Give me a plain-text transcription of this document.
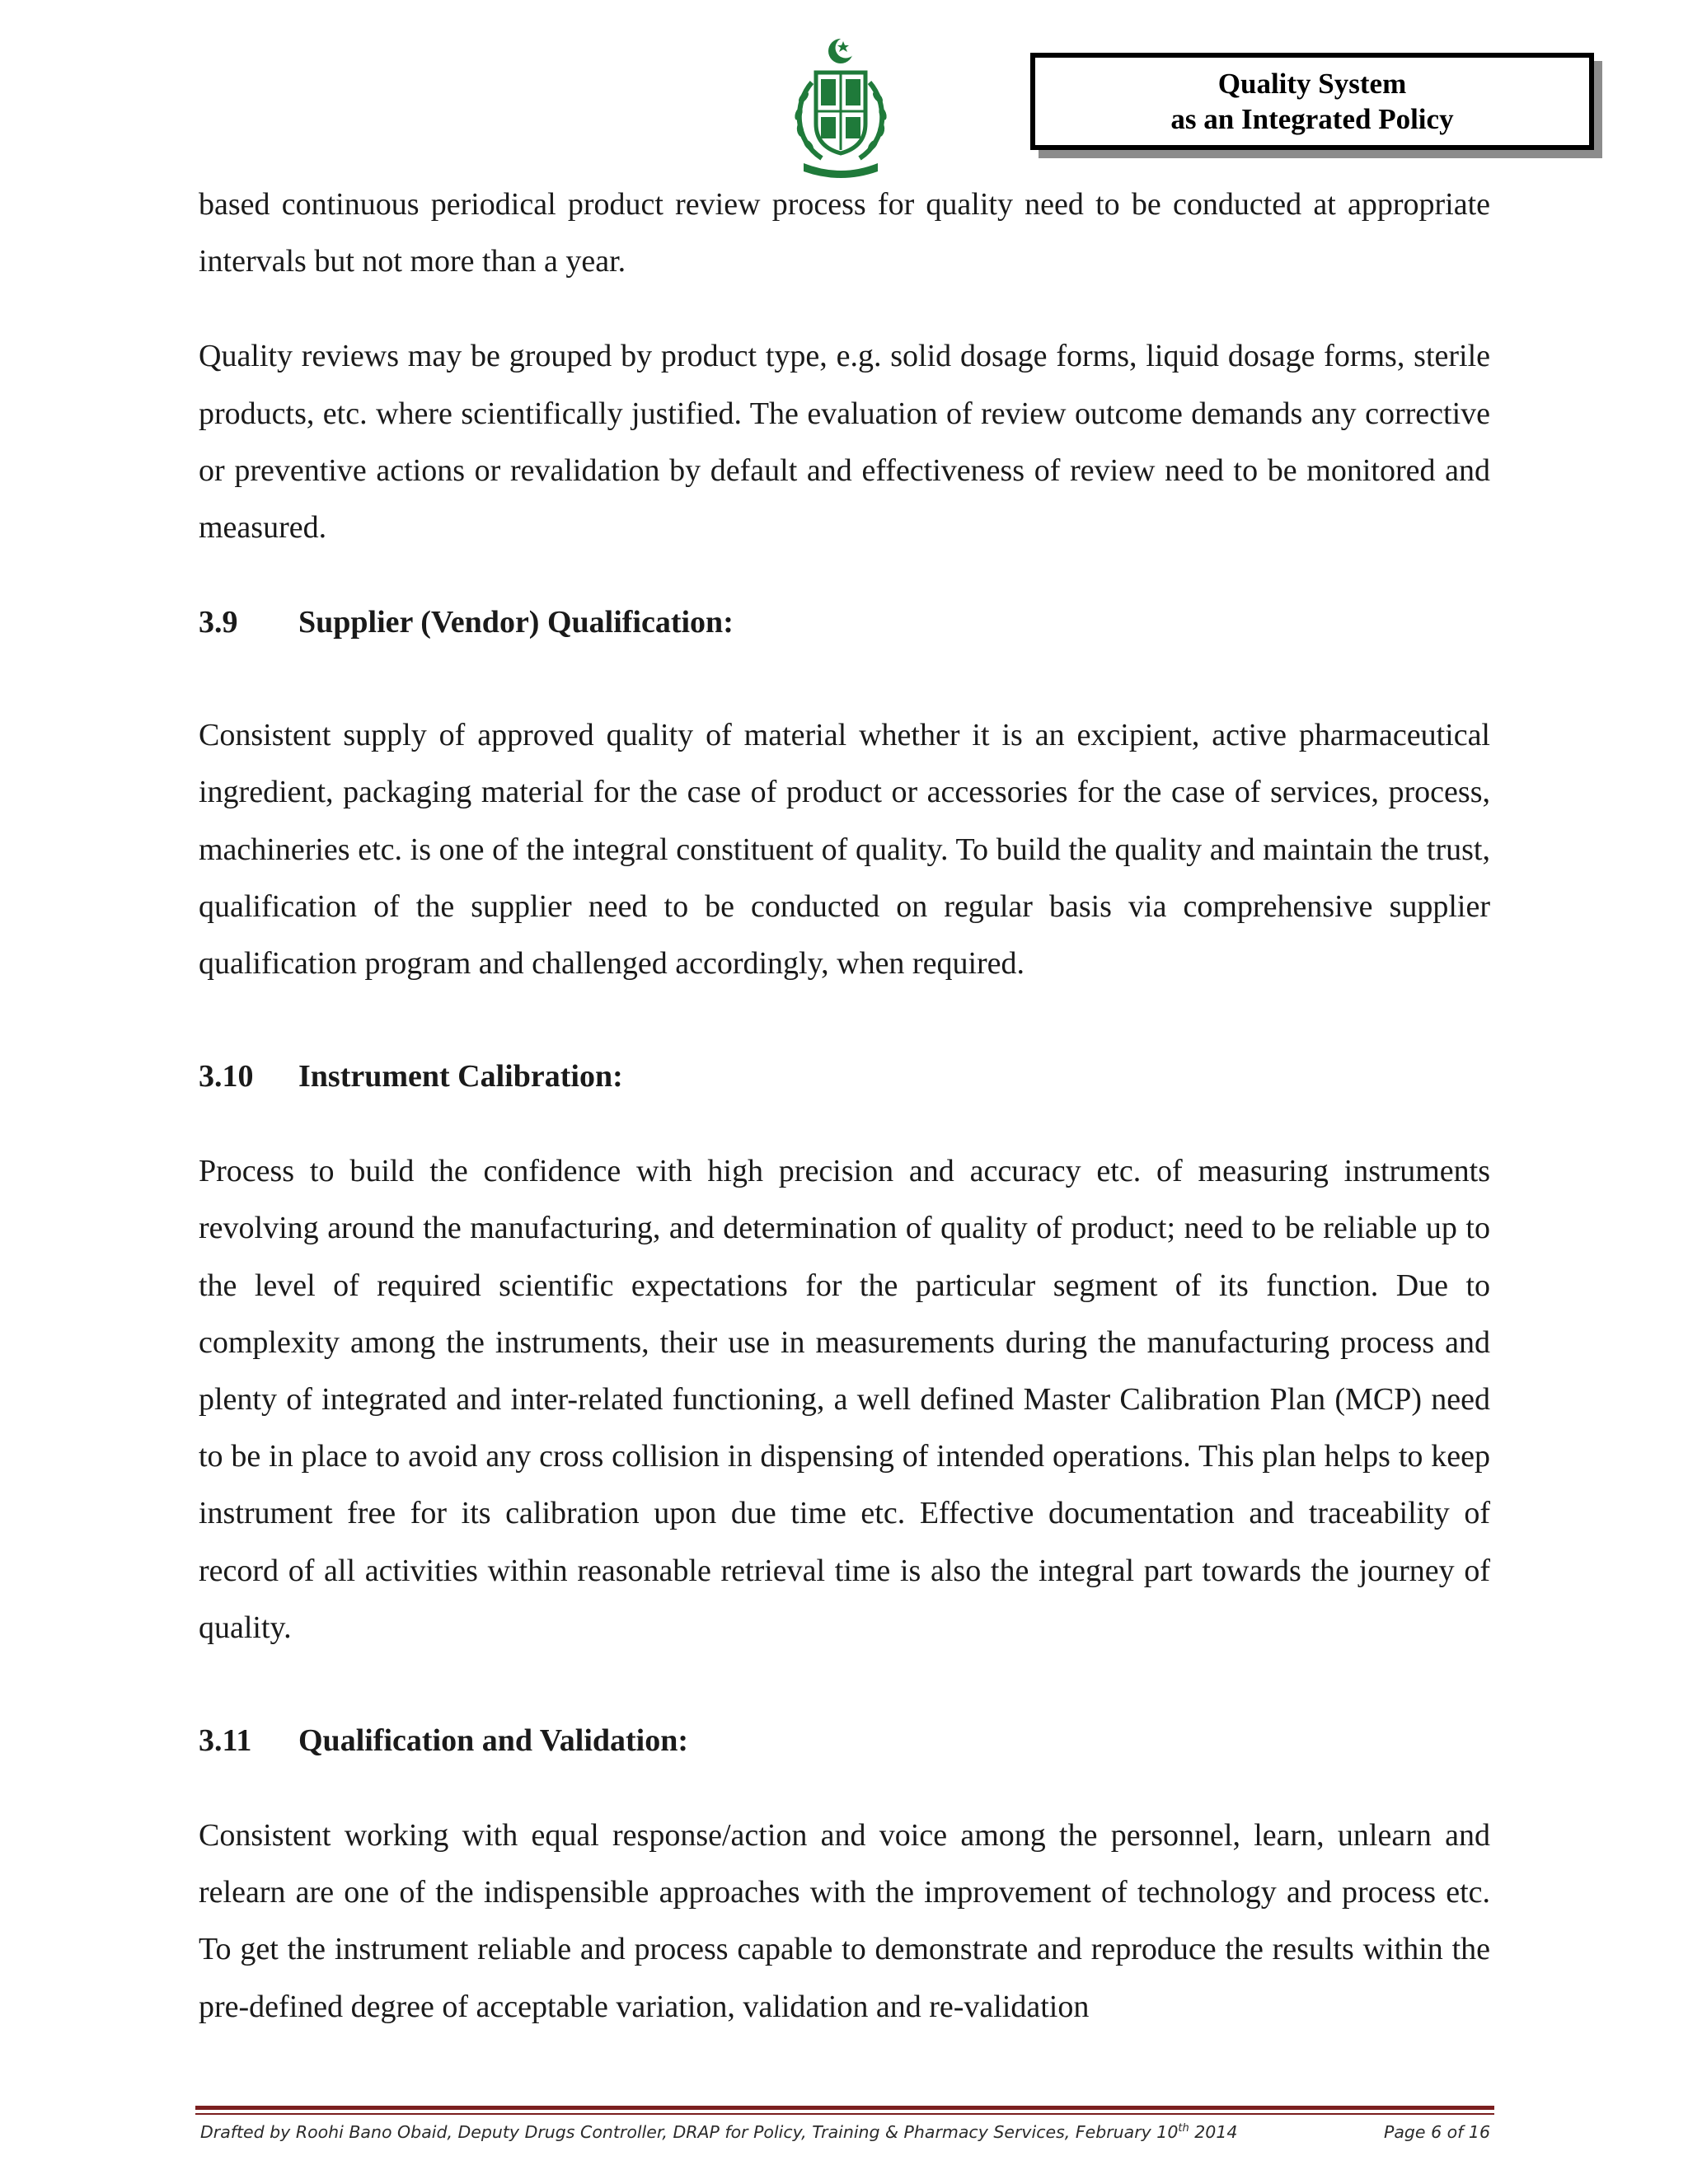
Quality System
as an Integrated Policy

based continuous periodical product review process for quality need to be conducted at appropriate intervals but not more than a year.

Quality reviews may be grouped by product type, e.g. solid dosage forms, liquid dosage forms, sterile products, etc. where scientifically justified. The evaluation of review outcome demands any corrective or preventive actions or revalidation by default and effectiveness of review need to be monitored and measured.

3.9	Supplier (Vendor) Qualification:

Consistent supply of approved quality of material whether it is an excipient, active pharmaceutical ingredient, packaging material for the case of product or accessories for the case of services, process, machineries etc. is one of the integral constituent of quality. To build the quality and maintain the trust, qualification of the supplier need to be conducted on regular basis via comprehensive supplier qualification program and challenged accordingly, when required.

3.10	Instrument Calibration:

Process to build the confidence with high precision and accuracy etc. of measuring instruments revolving around the manufacturing, and determination of quality of product; need to be reliable up to the level of required scientific expectations for the particular segment of its function. Due to complexity among the instruments, their use in measurements during the manufacturing process and plenty of integrated and inter-related functioning, a well defined Master Calibration Plan (MCP) need to be in place to avoid any cross collision in dispensing of intended operations. This plan helps to keep instrument free for its calibration upon due time etc. Effective documentation and traceability of record of all activities within reasonable retrieval time is also the integral part towards the journey of quality.

3.11	Qualification and Validation:

Consistent working with equal response/action and voice among the personnel, learn, unlearn and relearn are one of the indispensible approaches with the improvement of technology and process etc. To get the instrument reliable and process capable to demonstrate and reproduce the results within the pre-defined degree of acceptable variation, validation and re-validation

Drafted by Roohi Bano Obaid, Deputy Drugs Controller, DRAP for Policy, Training & Pharmacy Services, February 10th 2014	Page 6 of 16
